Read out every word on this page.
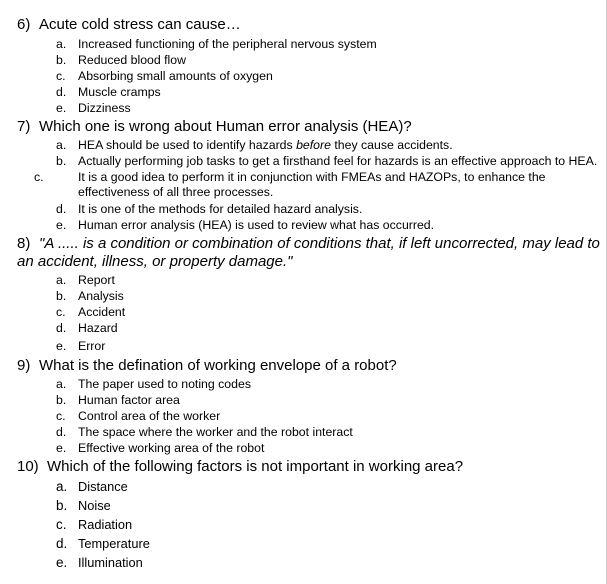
6) Acute cold stress can cause…
a. Increased functioning of the peripheral nervous system
b. Reduced blood flow
c. Absorbing small amounts of oxygen
d. Muscle cramps
e. Dizziness
7) Which one is wrong about Human error analysis (HEA)?
a. HEA should be used to identify hazards before they cause accidents.
b. Actually performing job tasks to get a firsthand feel for hazards is an effective approach to HEA.
c.	It is a good idea to perform it in conjunction with FMEAs and HAZOPs, to enhance the effectiveness of all three processes.
d. It is one of the methods for detailed hazard analysis.
e. Human error analysis (HEA) is used to review what has occurred.
8) "A ..... is a condition or combination of conditions that, if left uncorrected, may lead to an accident, illness, or property damage."
a. Report
b. Analysis
c. Accident
d. Hazard
e. Error
9) What is the defination of working envelope of a robot?
a. The paper used to noting codes
b. Human factor area
c. Control area of the worker
d. The space where the worker and the robot interact
e. Effective working area of the robot
10) Which of the following factors is not important in working area?
a. Distance
b. Noise
c. Radiation
d. Temperature
e. Illumination
